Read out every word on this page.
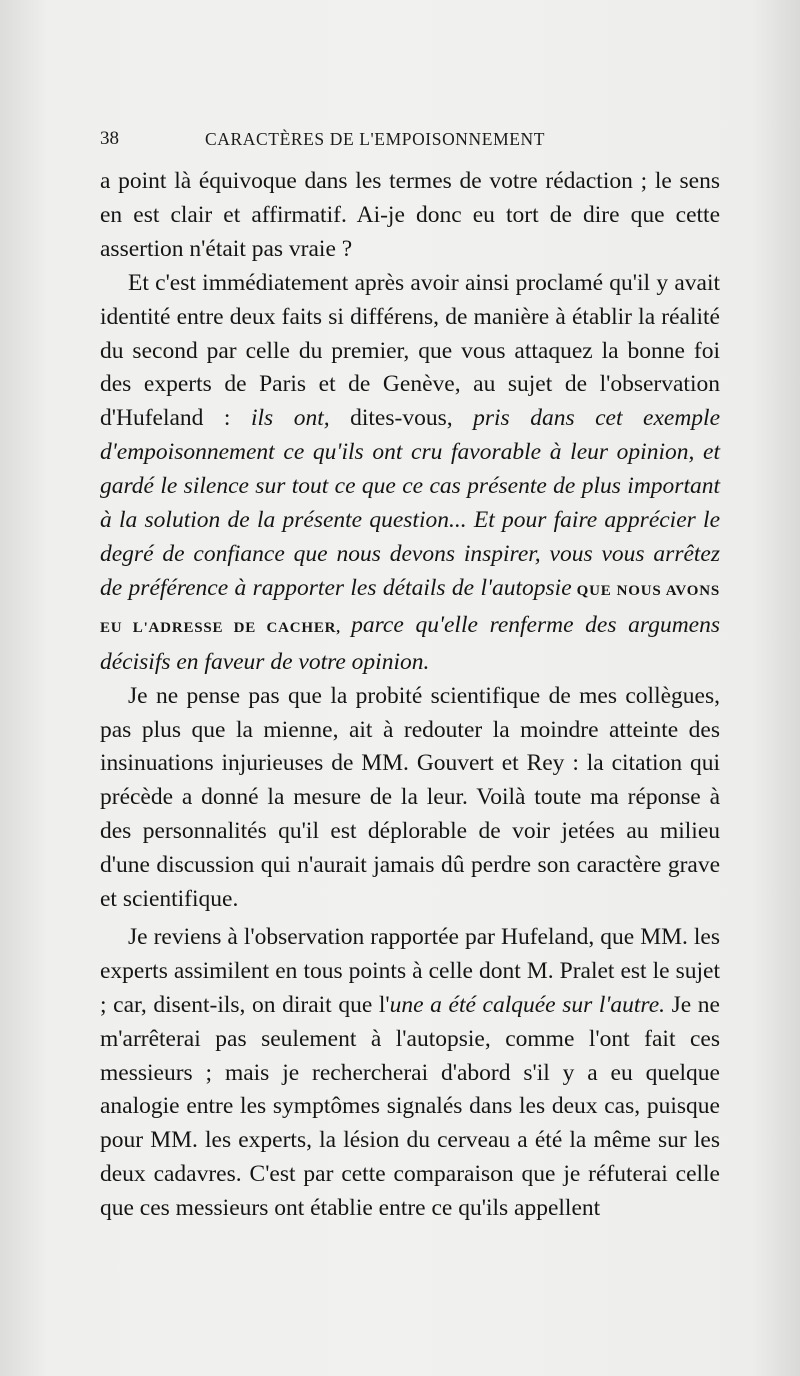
38	CARACTÈRES DE L'EMPOISONNEMENT

a point là équivoque dans les termes de votre rédaction ; le sens en est clair et affirmatif. Ai-je donc eu tort de dire que cette assertion n'était pas vraie ?

Et c'est immédiatement après avoir ainsi proclamé qu'il y avait identité entre deux faits si différens, de manière à établir la réalité du second par celle du premier, que vous attaquez la bonne foi des experts de Paris et de Genève, au sujet de l'observation d'Hufeland : ils ont, dites-vous, pris dans cet exemple d'empoisonnement ce qu'ils ont cru favorable à leur opinion, et gardé le silence sur tout ce que ce cas présente de plus important à la solution de la présente question... Et pour faire apprécier le degré de confiance que nous devons inspirer, vous vous arrêtez de préférence à rapporter les détails de l'autopsie QUE NOUS AVONS EU L'ADRESSE DE CACHER, parce qu'elle renferme des argumens décisifs en faveur de votre opinion.

Je ne pense pas que la probité scientifique de mes collègues, pas plus que la mienne, ait à redouter la moindre atteinte des insinuations injurieuses de MM. Gouvert et Rey : la citation qui précède a donné la mesure de la leur. Voilà toute ma réponse à des personnalités qu'il est déplorable de voir jetées au milieu d'une discussion qui n'aurait jamais dû perdre son caractère grave et scientifique.

Je reviens à l'observation rapportée par Hufeland, que MM. les experts assimilent en tous points à celle dont M. Pralet est le sujet ; car, disent-ils, on dirait que l'une a été calquée sur l'autre. Je ne m'arrêterai pas seulement à l'autopsie, comme l'ont fait ces messieurs ; mais je rechercherai d'abord s'il y a eu quelque analogie entre les symptômes signalés dans les deux cas, puisque pour MM. les experts, la lésion du cerveau a été la même sur les deux cadavres. C'est par cette comparaison que je réfuterai celle que ces messieurs ont établie entre ce qu'ils appellent
